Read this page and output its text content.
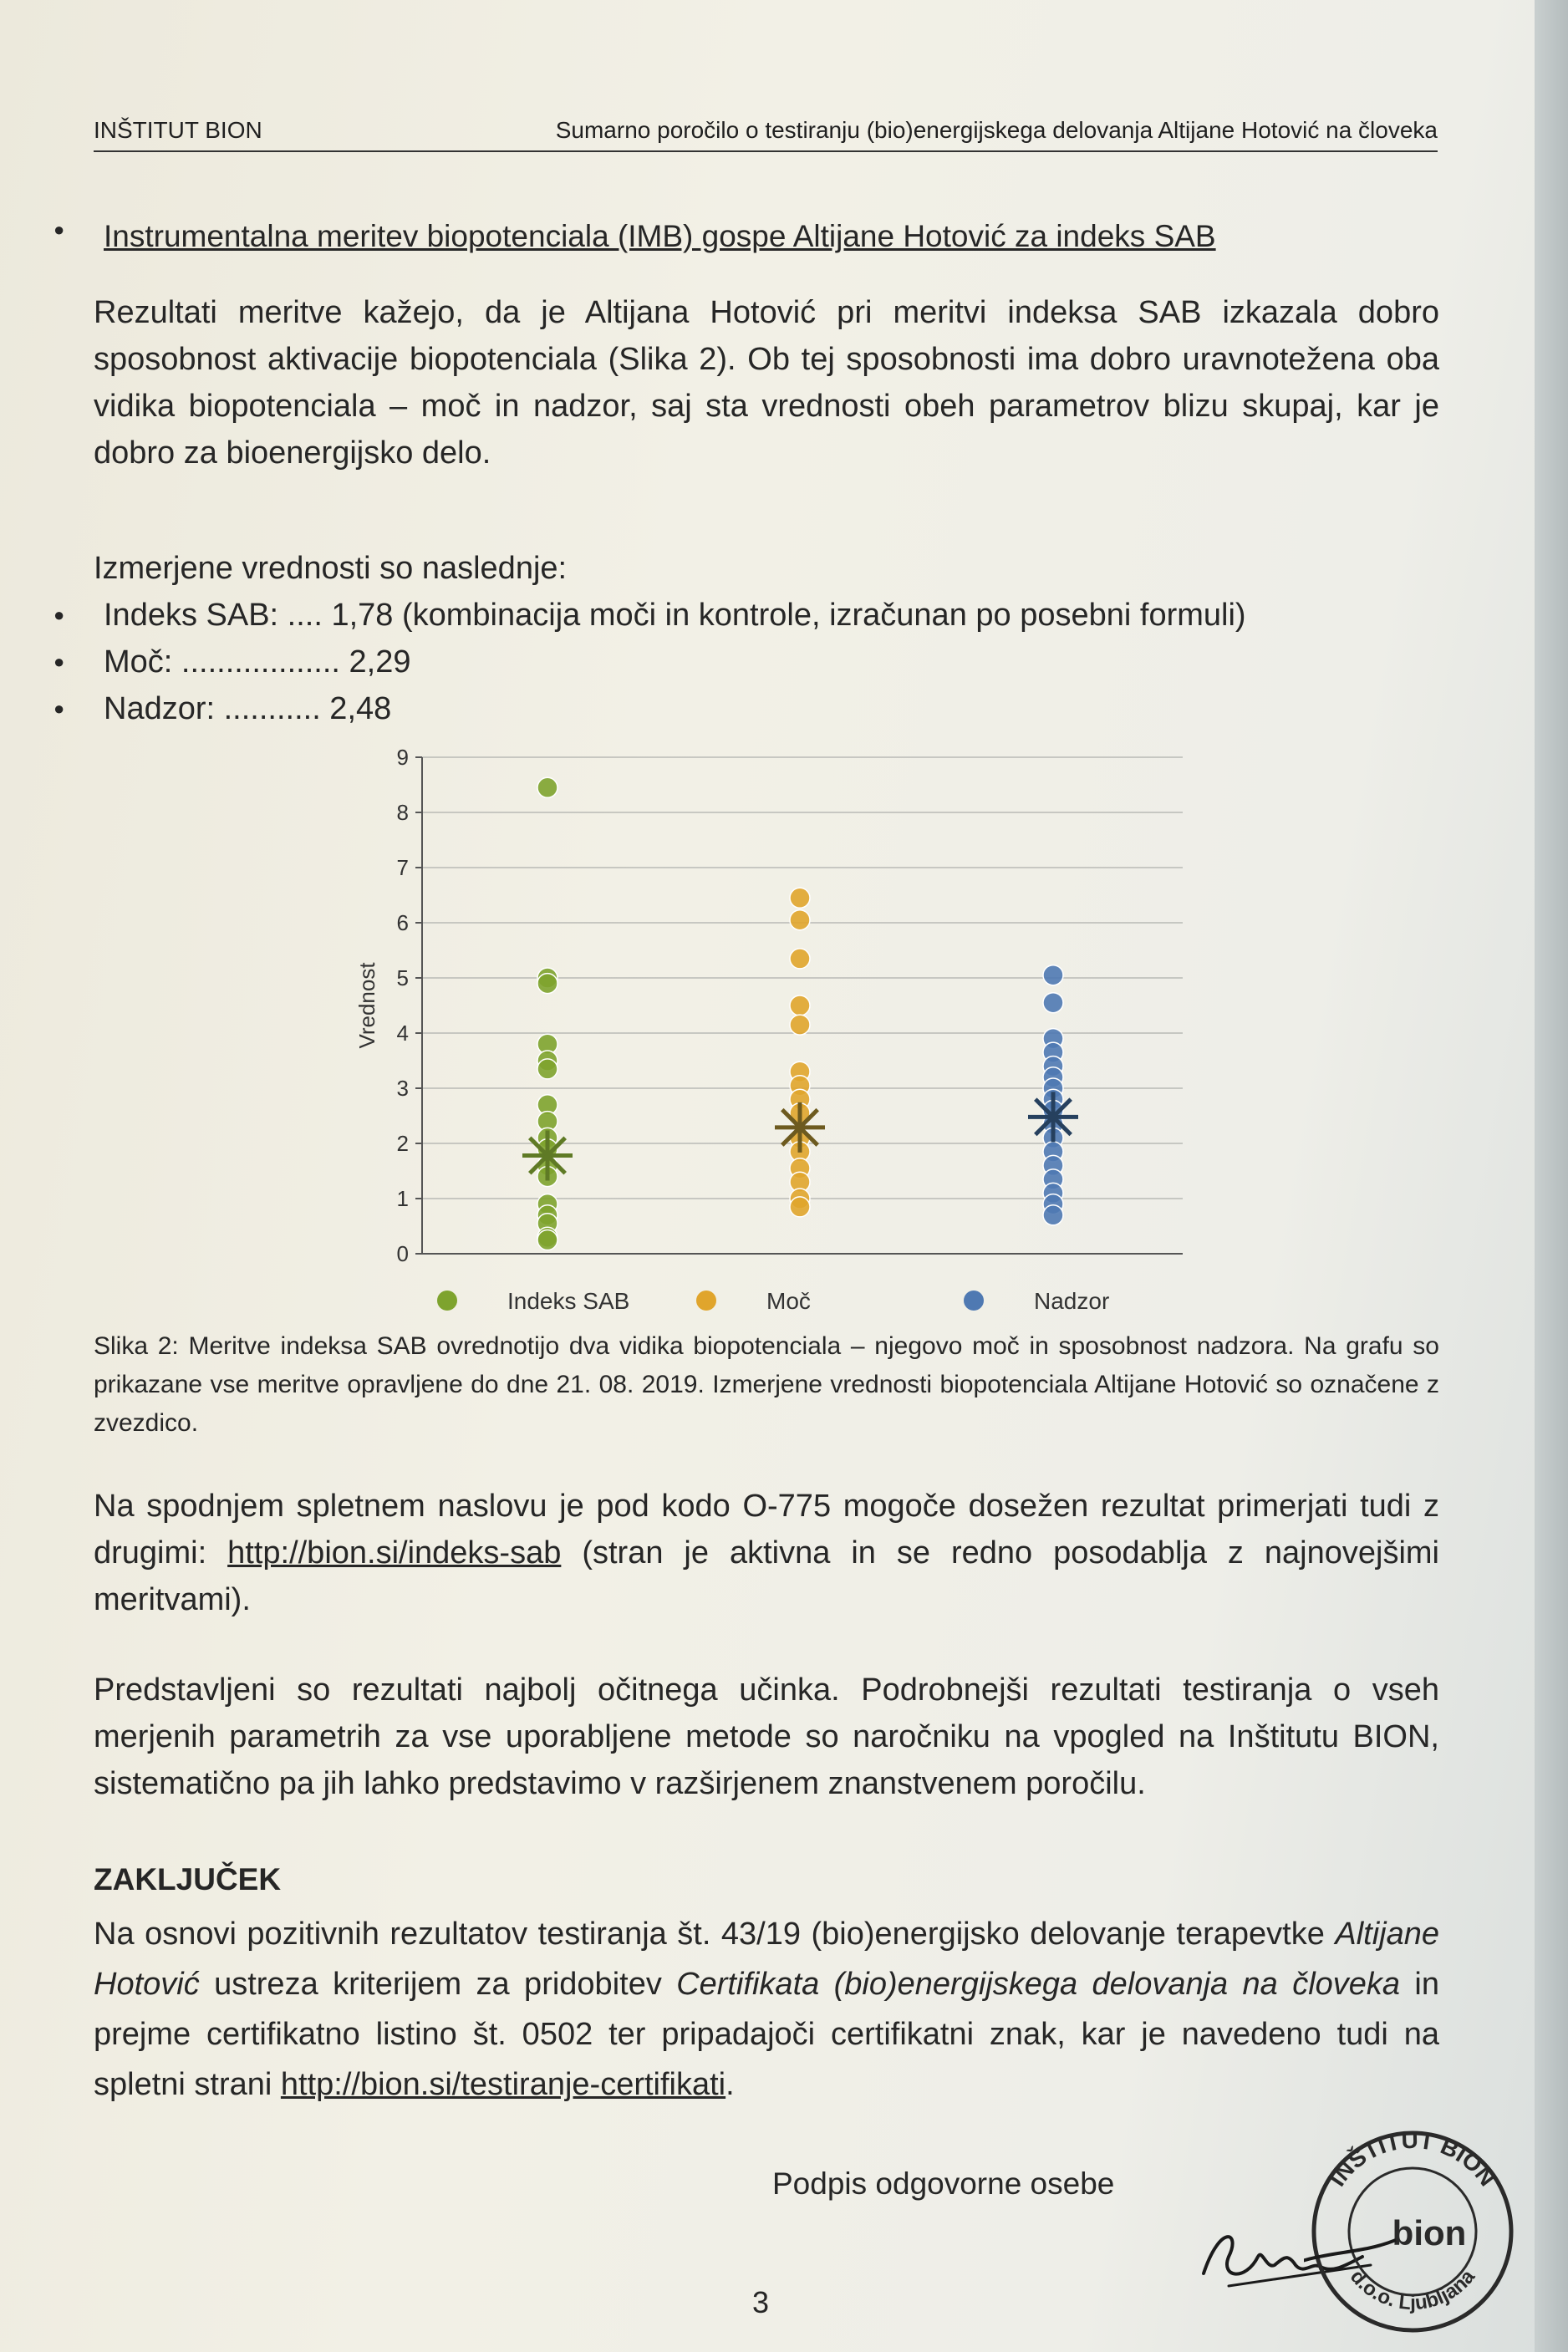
INŠTITUT BION	Sumarno poročilo o testiranju (bio)energijskega delovanja Altijane Hotović na človeka
● Instrumentalna meritev biopotenciala (IMB) gospe Altijane Hotović za indeks SAB

Rezultati meritve kažejo, da je Altijana Hotović pri meritvi indeksa SAB izkazala dobro sposobnost aktivacije biopotenciala (Slika 2). Ob tej sposobnosti ima dobro uravnotežena oba vidika biopotenciala – moč in nadzor, saj sta vrednosti obeh parametrov blizu skupaj, kar je dobro za bioenergijsko delo.

Izmerjene vrednosti so naslednje:
● Indeks SAB: .... 1,78 (kombinacija moči in kontrole, izračunan po posebni formuli)
● Moč: .................. 2,29
● Nadzor: ........... 2,48
0
1
2
3
4
5
6
7
8
9
Vrednost
Indeks SAB	Moč	Nadzor

Slika 2: Meritve indeksa SAB ovrednotijo dva vidika biopotenciala – njegovo moč in sposobnost nadzora. Na grafu so prikazane vse meritve opravljene do dne 21. 08. 2019. Izmerjene vrednosti biopotenciala Altijane Hotović so označene z zvezdico.

Na spodnjem spletnem naslovu je pod kodo O-775 mogoče dosežen rezultat primerjati tudi z drugimi: http://bion.si/indeks-sab (stran je aktivna in se redno posodablja z najnovejšimi meritvami).

Predstavljeni so rezultati najbolj očitnega učinka. Podrobnejši rezultati testiranja o vseh merjenih parametrih za vse uporabljene metode so naročniku na vpogled na Inštitutu BION, sistematično pa jih lahko predstavimo v razširjenem znanstvenem poročilu.

ZAKLJUČEK

Na osnovi pozitivnih rezultatov testiranja št. 43/19 (bio)energijsko delovanje terapevtke Altijane Hotović ustreza kriterijem za pridobitev Certifikata (bio)energijskega delovanja na človeka in prejme certifikatno listino št. 0502 ter pripadajoči certifikatni znak, kar je navedeno tudi na spletni strani http://bion.si/testiranje-certifikati.

Podpis odgovorne osebe	INŠTITUT BION
d.o.o. Ljubljana
bion
3
